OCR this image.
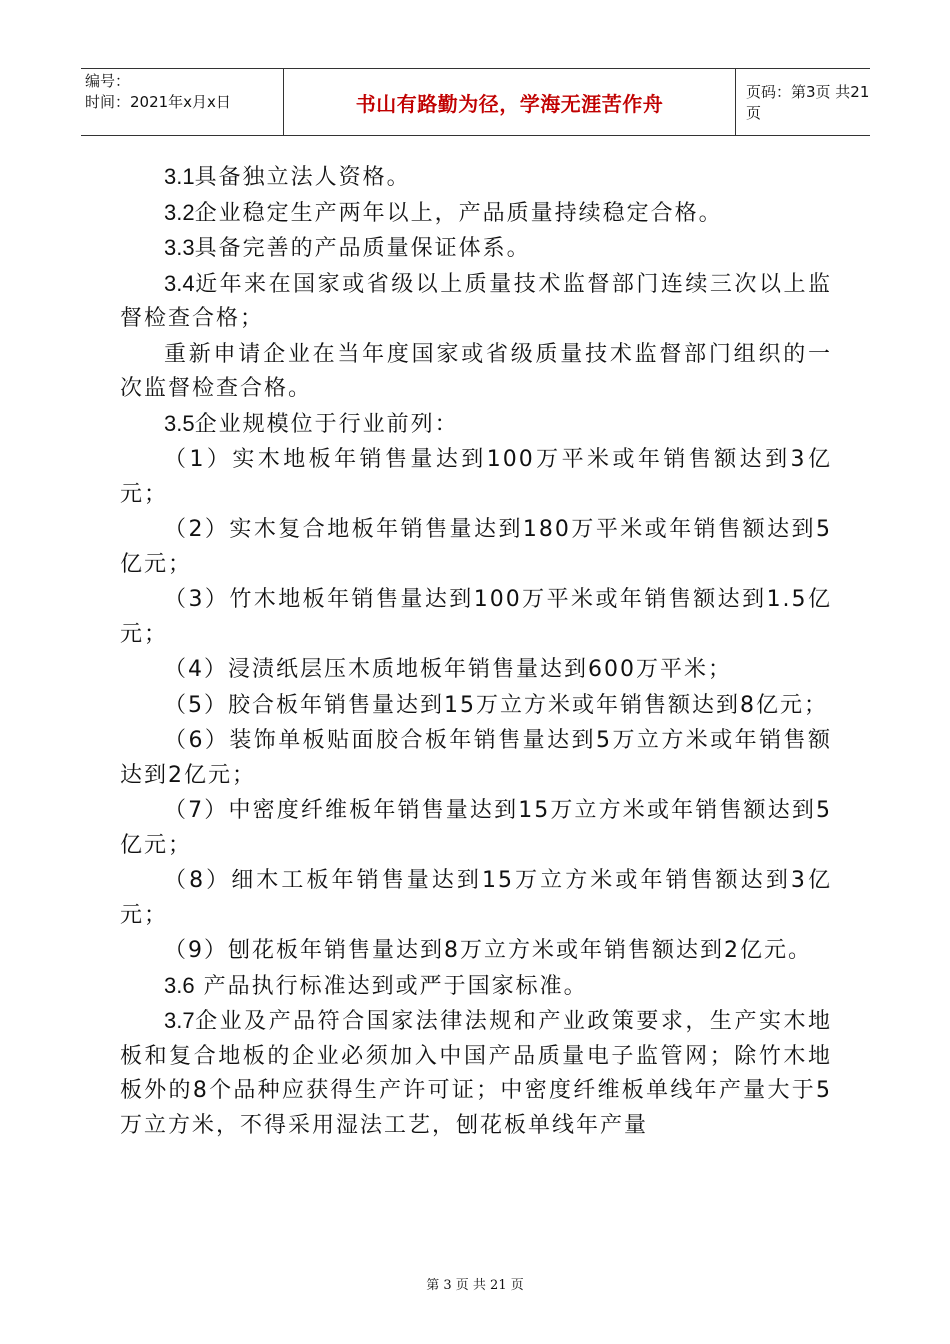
编号：
时间：2021年x月x日	书山有路勤为径，学海无涯苦作舟	页码：第3页 共21页

3.1具备独立法人资格。

3.2企业稳定生产两年以上，产品质量持续稳定合格。

3.3具备完善的产品质量保证体系。

3.4近年来在国家或省级以上质量技术监督部门连续三次以上监督检查合格；

重新申请企业在当年度国家或省级质量技术监督部门组织的一次监督检查合格。

3.5企业规模位于行业前列：

（1）实木地板年销售量达到100万平米或年销售额达到3亿元；

（2）实木复合地板年销售量达到180万平米或年销售额达到5亿元；

（3）竹木地板年销售量达到100万平米或年销售额达到1.5亿元；

（4）浸渍纸层压木质地板年销售量达到600万平米；

（5）胶合板年销售量达到15万立方米或年销售额达到8亿元；

（6）装饰单板贴面胶合板年销售量达到5万立方米或年销售额达到2亿元；

（7）中密度纤维板年销售量达到15万立方米或年销售额达到5亿元；

（8）细木工板年销售量达到15万立方米或年销售额达到3亿元；

（9）刨花板年销售量达到8万立方米或年销售额达到2亿元。

3.6 产品执行标准达到或严于国家标准。

3.7企业及产品符合国家法律法规和产业政策要求，生产实木地板和复合地板的企业必须加入中国产品质量电子监管网；除竹木地板外的8个品种应获得生产许可证；中密度纤维板单线年产量大于5万立方米，不得采用湿法工艺，刨花板单线年产量

第 3 页 共 21 页
